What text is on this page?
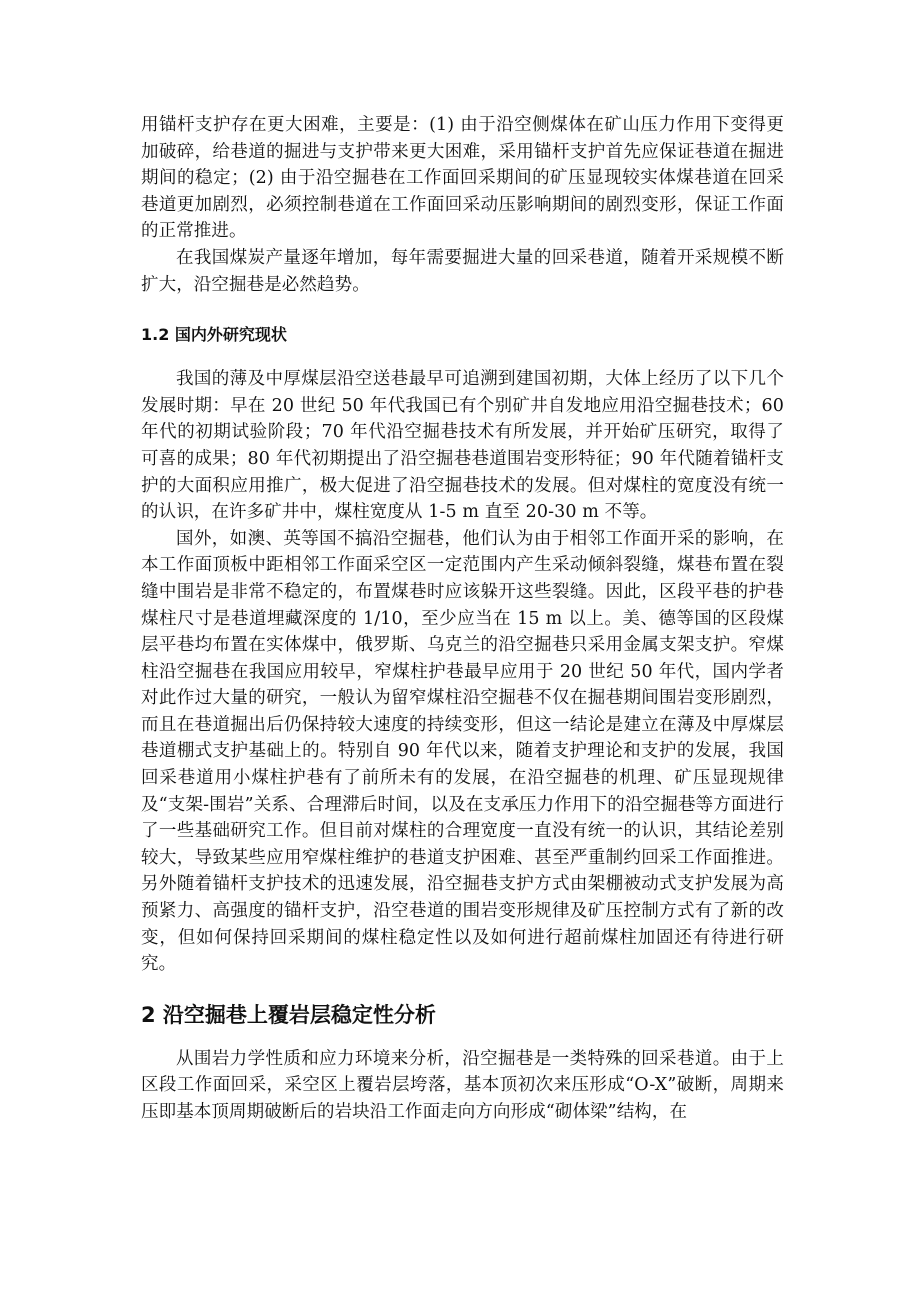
用锚杆支护存在更大困难，主要是：(1) 由于沿空侧煤体在矿山压力作用下变得更加破碎，给巷道的掘进与支护带来更大困难，采用锚杆支护首先应保证巷道在掘进期间的稳定；(2) 由于沿空掘巷在工作面回采期间的矿压显现较实体煤巷道在回采巷道更加剧烈，必须控制巷道在工作面回采动压影响期间的剧烈变形，保证工作面的正常推进。

在我国煤炭产量逐年增加，每年需要掘进大量的回采巷道，随着开采规模不断扩大，沿空掘巷是必然趋势。

1.2 国内外研究现状

我国的薄及中厚煤层沿空送巷最早可追溯到建国初期，大体上经历了以下几个发展时期：早在 20 世纪 50 年代我国已有个别矿井自发地应用沿空掘巷技术；60 年代的初期试验阶段；70 年代沿空掘巷技术有所发展，并开始矿压研究，取得了可喜的成果；80 年代初期提出了沿空掘巷巷道围岩变形特征；90 年代随着锚杆支护的大面积应用推广，极大促进了沿空掘巷技术的发展。但对煤柱的宽度没有统一的认识，在许多矿井中，煤柱宽度从 1-5 m 直至 20-30 m 不等。

国外，如澳、英等国不搞沿空掘巷，他们认为由于相邻工作面开采的影响，在本工作面顶板中距相邻工作面采空区一定范围内产生采动倾斜裂缝，煤巷布置在裂缝中围岩是非常不稳定的，布置煤巷时应该躲开这些裂缝。因此，区段平巷的护巷煤柱尺寸是巷道埋藏深度的 1/10，至少应当在 15 m 以上。美、德等国的区段煤层平巷均布置在实体煤中，俄罗斯、乌克兰的沿空掘巷只采用金属支架支护。窄煤柱沿空掘巷在我国应用较早，窄煤柱护巷最早应用于 20 世纪 50 年代，国内学者对此作过大量的研究，一般认为留窄煤柱沿空掘巷不仅在掘巷期间围岩变形剧烈，而且在巷道掘出后仍保持较大速度的持续变形，但这一结论是建立在薄及中厚煤层巷道棚式支护基础上的。特别自 90 年代以来，随着支护理论和支护的发展，我国回采巷道用小煤柱护巷有了前所未有的发展，在沿空掘巷的机理、矿压显现规律及“支架-围岩”关系、合理滞后时间，以及在支承压力作用下的沿空掘巷等方面进行了一些基础研究工作。但目前对煤柱的合理宽度一直没有统一的认识，其结论差别较大，导致某些应用窄煤柱维护的巷道支护困难、甚至严重制约回采工作面推进。另外随着锚杆支护技术的迅速发展，沿空掘巷支护方式由架棚被动式支护发展为高预紧力、高强度的锚杆支护，沿空巷道的围岩变形规律及矿压控制方式有了新的改变，但如何保持回采期间的煤柱稳定性以及如何进行超前煤柱加固还有待进行研究。

2 沿空掘巷上覆岩层稳定性分析

从围岩力学性质和应力环境来分析，沿空掘巷是一类特殊的回采巷道。由于上区段工作面回采，采空区上覆岩层垮落，基本顶初次来压形成“O-X”破断，周期来压即基本顶周期破断后的岩块沿工作面走向方向形成“砌体梁”结构，在
